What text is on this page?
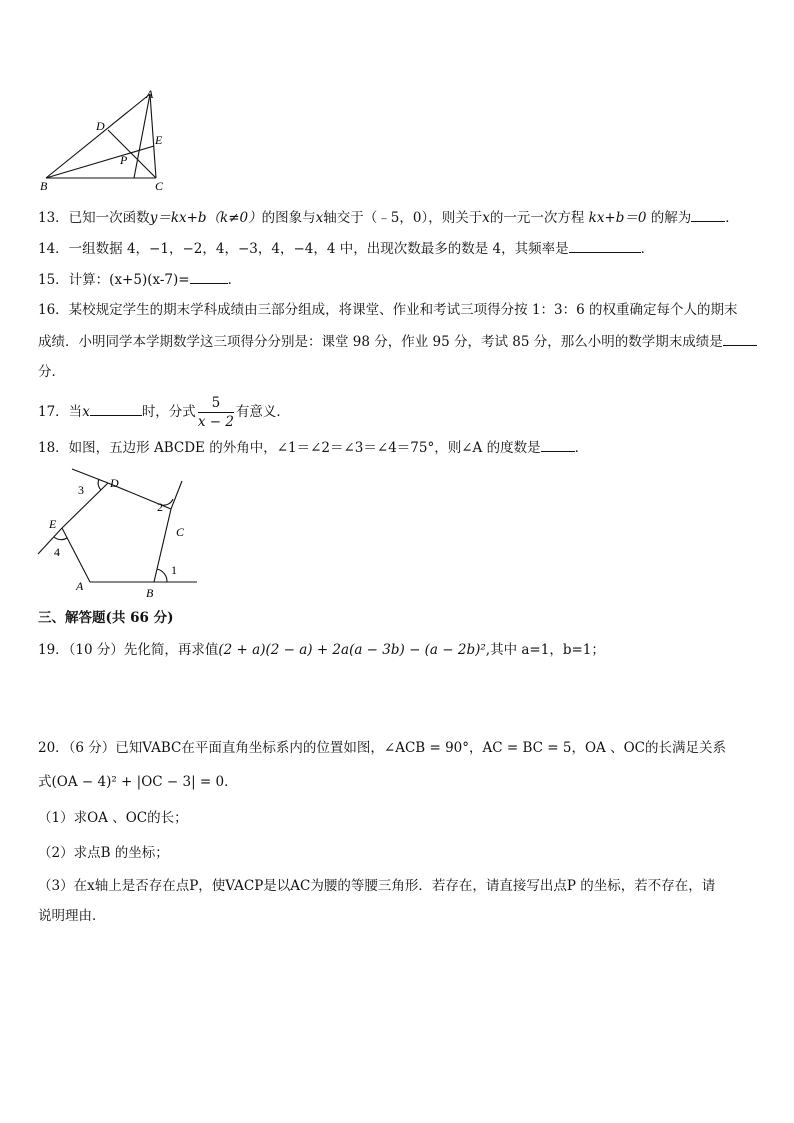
A
B	C
D
E
P
13．已知一次函数y＝kx+b（k≠0）的图象与x轴交于（﹣5，0），则关于x的一元一次方程 kx+b＝0 的解为	．
14．一组数据 4，−1，−2，4，−3，4，−4，4 中，出现次数最多的数是 4，其频率是	．
15．计算：(x+5)(x-7)=	．
16．某校规定学生的期末学科成绩由三部分组成，将课堂、作业和考试三项得分按 1：3：6 的权重确定每个人的期末
成绩．小明同学本学期数学这三项得分分别是：课堂 98 分，作业 95 分，考试 85 分，那么小明的数学期末成绩是
分．
17．当x	时，分式 $\frac{5}{x - 2}$ 有意义．
18．如图，五边形 ABCDE 的外角中，∠1＝∠2＝∠3＝∠4＝75°，则∠A 的度数是	．
A	B
C
D
E
1
2
3
4
三、解答题(共 66 分)
19．（10 分）先化简，再求值(2 + a)(2 − a) + 2a(a − 3b) − (a − 2b)²,其中 a=1，b=1；
20．（6 分）已知VABC在平面直角坐标系内的位置如图，∠ACB = 90°，AC = BC = 5，OA 、OC的长满足关系
式(OA − 4)² + |OC − 3| = 0．
（1）求OA 、OC的长；
（2）求点B 的坐标；
（3）在x轴上是否存在点P，使VACP是以AC为腰的等腰三角形．若存在，请直接写出点P 的坐标，若不存在，请
说明理由．
